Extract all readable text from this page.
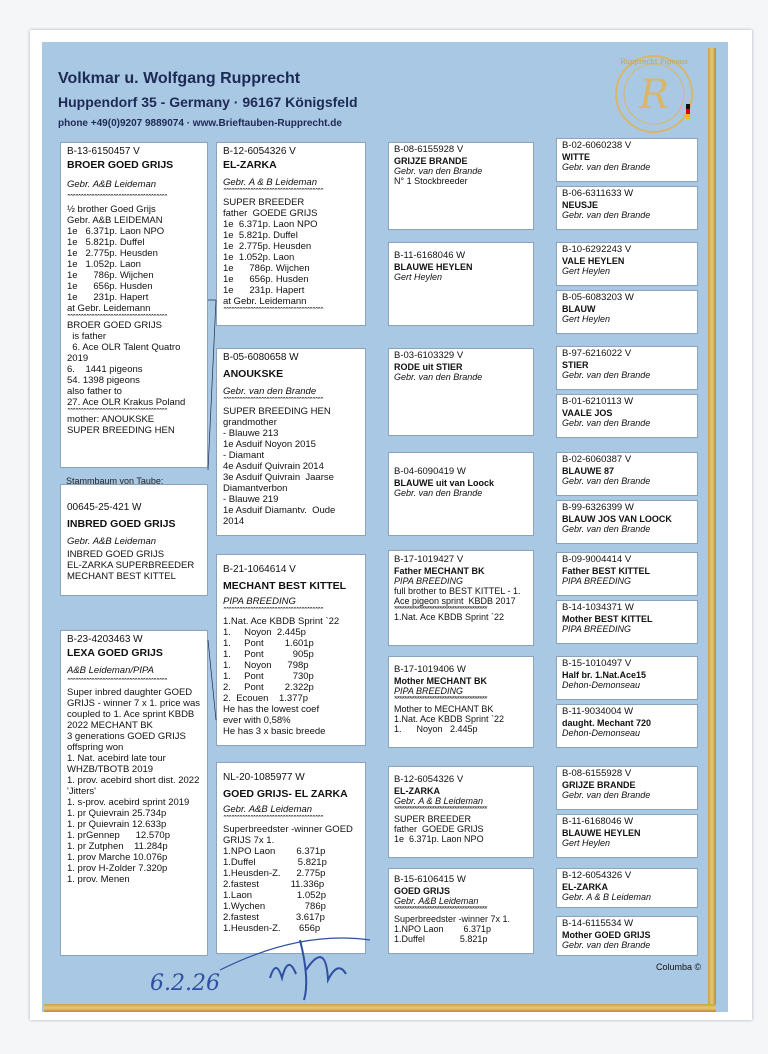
R
Rupprecht Pigeons
Volkmar u. Wolfgang Rupprecht
Huppendorf 35 - Germany · 96167 Königsfeld
phone +49(0)9207 9889074 · www.Brieftauben-Rupprecht.de
B-13-6150457 V
BROER GOED GRIJS
Gebr. A&B Leideman
*************************************
½ brother Goed Grijs
Gebr. A&B LEIDEMAN
1e   6.371p. Laon NPO
1e   5.821p. Duffel
1e   2.775p. Heusden
1e   1.052p. Laon
1e      786p. Wijchen
1e      656p. Husden
1e      231p. Hapert
at Gebr. Leidemann
*************************************
BROER GOED GRIJS
is father
6. Ace OLR Talent Quatro
2019
6.    1441 pigeons
54. 1398 pigeons
also father to
27. Ace OLR Krakus Poland
*************************************
mother: ANOUKSKE
SUPER BREEDING HEN
00645-25-421 W
INBRED GOED GRIJS
Gebr. A&B Leideman
INBRED GOED GRIJS
EL-ZARKA SUPERBREEDER
MECHANT BEST KITTEL
Stammbaum von Taube:
B-23-4203463 W
LEXA GOED GRIJS
A&B Leideman/PIPA
*************************************
Super inbred daughter GOED
GRIJS - winner 7 x 1. price was
coupled to 1. Ace sprint KBDB
2022 MECHANT BK
3 generations GOED GRIJS
offspring won
1. Nat. acebird late tour
WHZB/TBOTB 2019
1. prov. acebird short dist. 2022
'Jitters'
1. s-prov. acebird sprint 2019
1. pr Quievrain 25.734p
1. pr Quievrain 12.633p
1. prGennep      12.570p
1. pr Zutphen    11.284p
1. prov Marche 10.076p
1. prov H-Zolder 7.320p
1. prov. Menen
B-12-6054326 V
EL-ZARKA
Gebr. A & B Leideman
*************************************
SUPER BREEDER
father  GOEDE GRIJS
1e  6.371p. Laon NPO
1e  5.821p. Duffel
1e  2.775p. Heusden
1e  1.052p. Laon
1e      786p. Wijchen
1e      656p. Husden
1e      231p. Hapert
at Gebr. Leidemann
*************************************
B-05-6080658 W
ANOUKSKE
Gebr. van den Brande
*************************************
SUPER BREEDING HEN
grandmother
- Blauwe 213
1e Asduif Noyon 2015
- Diamant
4e Asduif Quivrain 2014
3e Asduif Quivrain  Jaarse
Diamantverbon
- Blauwe 219
1e Asduif Diamantv.  Oude
2014
B-21-1064614 V
MECHANT BEST KITTEL
PIPA BREEDING
*************************************
1.Nat. Ace KBDB Sprint `22
1.     Noyon  2.445p
1.     Pont        1.601p
1.     Pont           905p
1.     Noyon      798p
1.     Pont           730p
2.     Pont        2.322p
2.  Ecouen    1.377p
He has the lowest coef
ever with 0,58%
He has 3 x basic breede
NL-20-1085977 W
GOED GRIJS- EL ZARKA
Gebr. A&B Leideman
*************************************
Superbreedster -winner GOED
GRIJS 7x 1.
1.NPO Laon        6.371p
1.Duffel                5.821p
1.Heusden-Z.      2.775p
2.fastest            11.336p
1.Laon                 1.052p
1.Wychen               786p
2.fastest              3.617p
1.Heusden-Z.       656p
B-08-6155928 V
GRIJZE BRANDE
Gebr. van den Brande
N° 1 Stockbreeder
B-11-6168046 W
BLAUWE HEYLEN
Gert Heylen
B-03-6103329 V
RODE uit STIER
Gebr. van den Brande
B-04-6090419 W
BLAUWE uit van Loock
Gebr. van den Brande
B-17-1019427 V
Father MECHANT BK
PIPA BREEDING
full brother to BEST KITTEL - 1.
Ace pigeon sprint  KBDB 2017
*************************************
1.Nat. Ace KBDB Sprint `22
B-17-1019406 W
Mother MECHANT BK
PIPA BREEDING
*************************************
Mother to MECHANT BK
1.Nat. Ace KBDB Sprint `22
1.      Noyon   2.445p
B-12-6054326 V
EL-ZARKA
Gebr. A & B Leideman
*************************************
SUPER BREEDER
father  GOEDE GRIJS
1e  6.371p. Laon NPO
B-15-6106415 W
GOED GRIJS
Gebr. A&B Leideman
*************************************
Superbreedster -winner 7x 1.
1.NPO Laon        6.371p
1.Duffel              5.821p
B-02-6060238 V
WITTE
Gebr. van den Brande
B-06-6311633 W
NEUSJE
Gebr. van den Brande
B-10-6292243 V
VALE HEYLEN
Gert Heylen
B-05-6083203 W
BLAUW
Gert Heylen
B-97-6216022 V
STIER
Gebr. van den Brande
B-01-6210113 W
VAALE JOS
Gebr. van den Brande
B-02-6060387 V
BLAUWE 87
Gebr. van den Brande
B-99-6326399 W
BLAUW JOS VAN LOOCK
Gebr. van den Brande
B-09-9004414 V
Father BEST KITTEL
PIPA BREEDING
B-14-1034371 W
Mother BEST KITTEL
PIPA BREEDING
B-15-1010497 V
Half br. 1.Nat.Ace15
Dehon-Demonseau
B-11-9034004 W
daught. Mechant 720
Dehon-Demonseau
B-08-6155928 V
GRIJZE BRANDE
Gebr. van den Brande
B-11-6168046 W
BLAUWE HEYLEN
Gert Heylen
B-12-6054326 V
EL-ZARKA
Gebr. A & B Leideman
B-14-6115534 W
Mother GOED GRIJS
Gebr. van den Brande
Columba ©
6.2.26
